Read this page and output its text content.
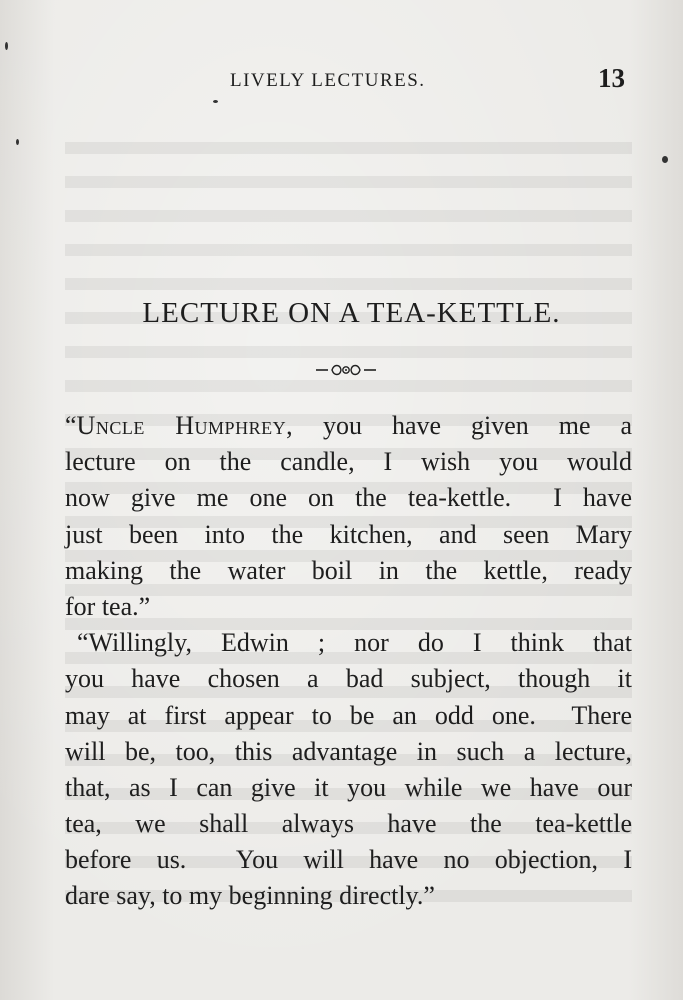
LIVELY LECTURES.	13
LECTURE ON A TEA-KETTLE.
“Uncle Humphrey, you have given me a
lecture on the candle, I wish you would
now give me one on the tea-kettle.  I have
just been into the kitchen, and seen Mary
making the water boil in the kettle, ready
for tea.”
“Willingly, Edwin ; nor do I think that
you have chosen a bad subject, though it
may at first appear to be an odd one.  There
will be, too, this advantage in such a lecture,
that, as I can give it you while we have our
tea, we shall always have the tea-kettle
before us.  You will have no objection, I
dare say, to my beginning directly.”
